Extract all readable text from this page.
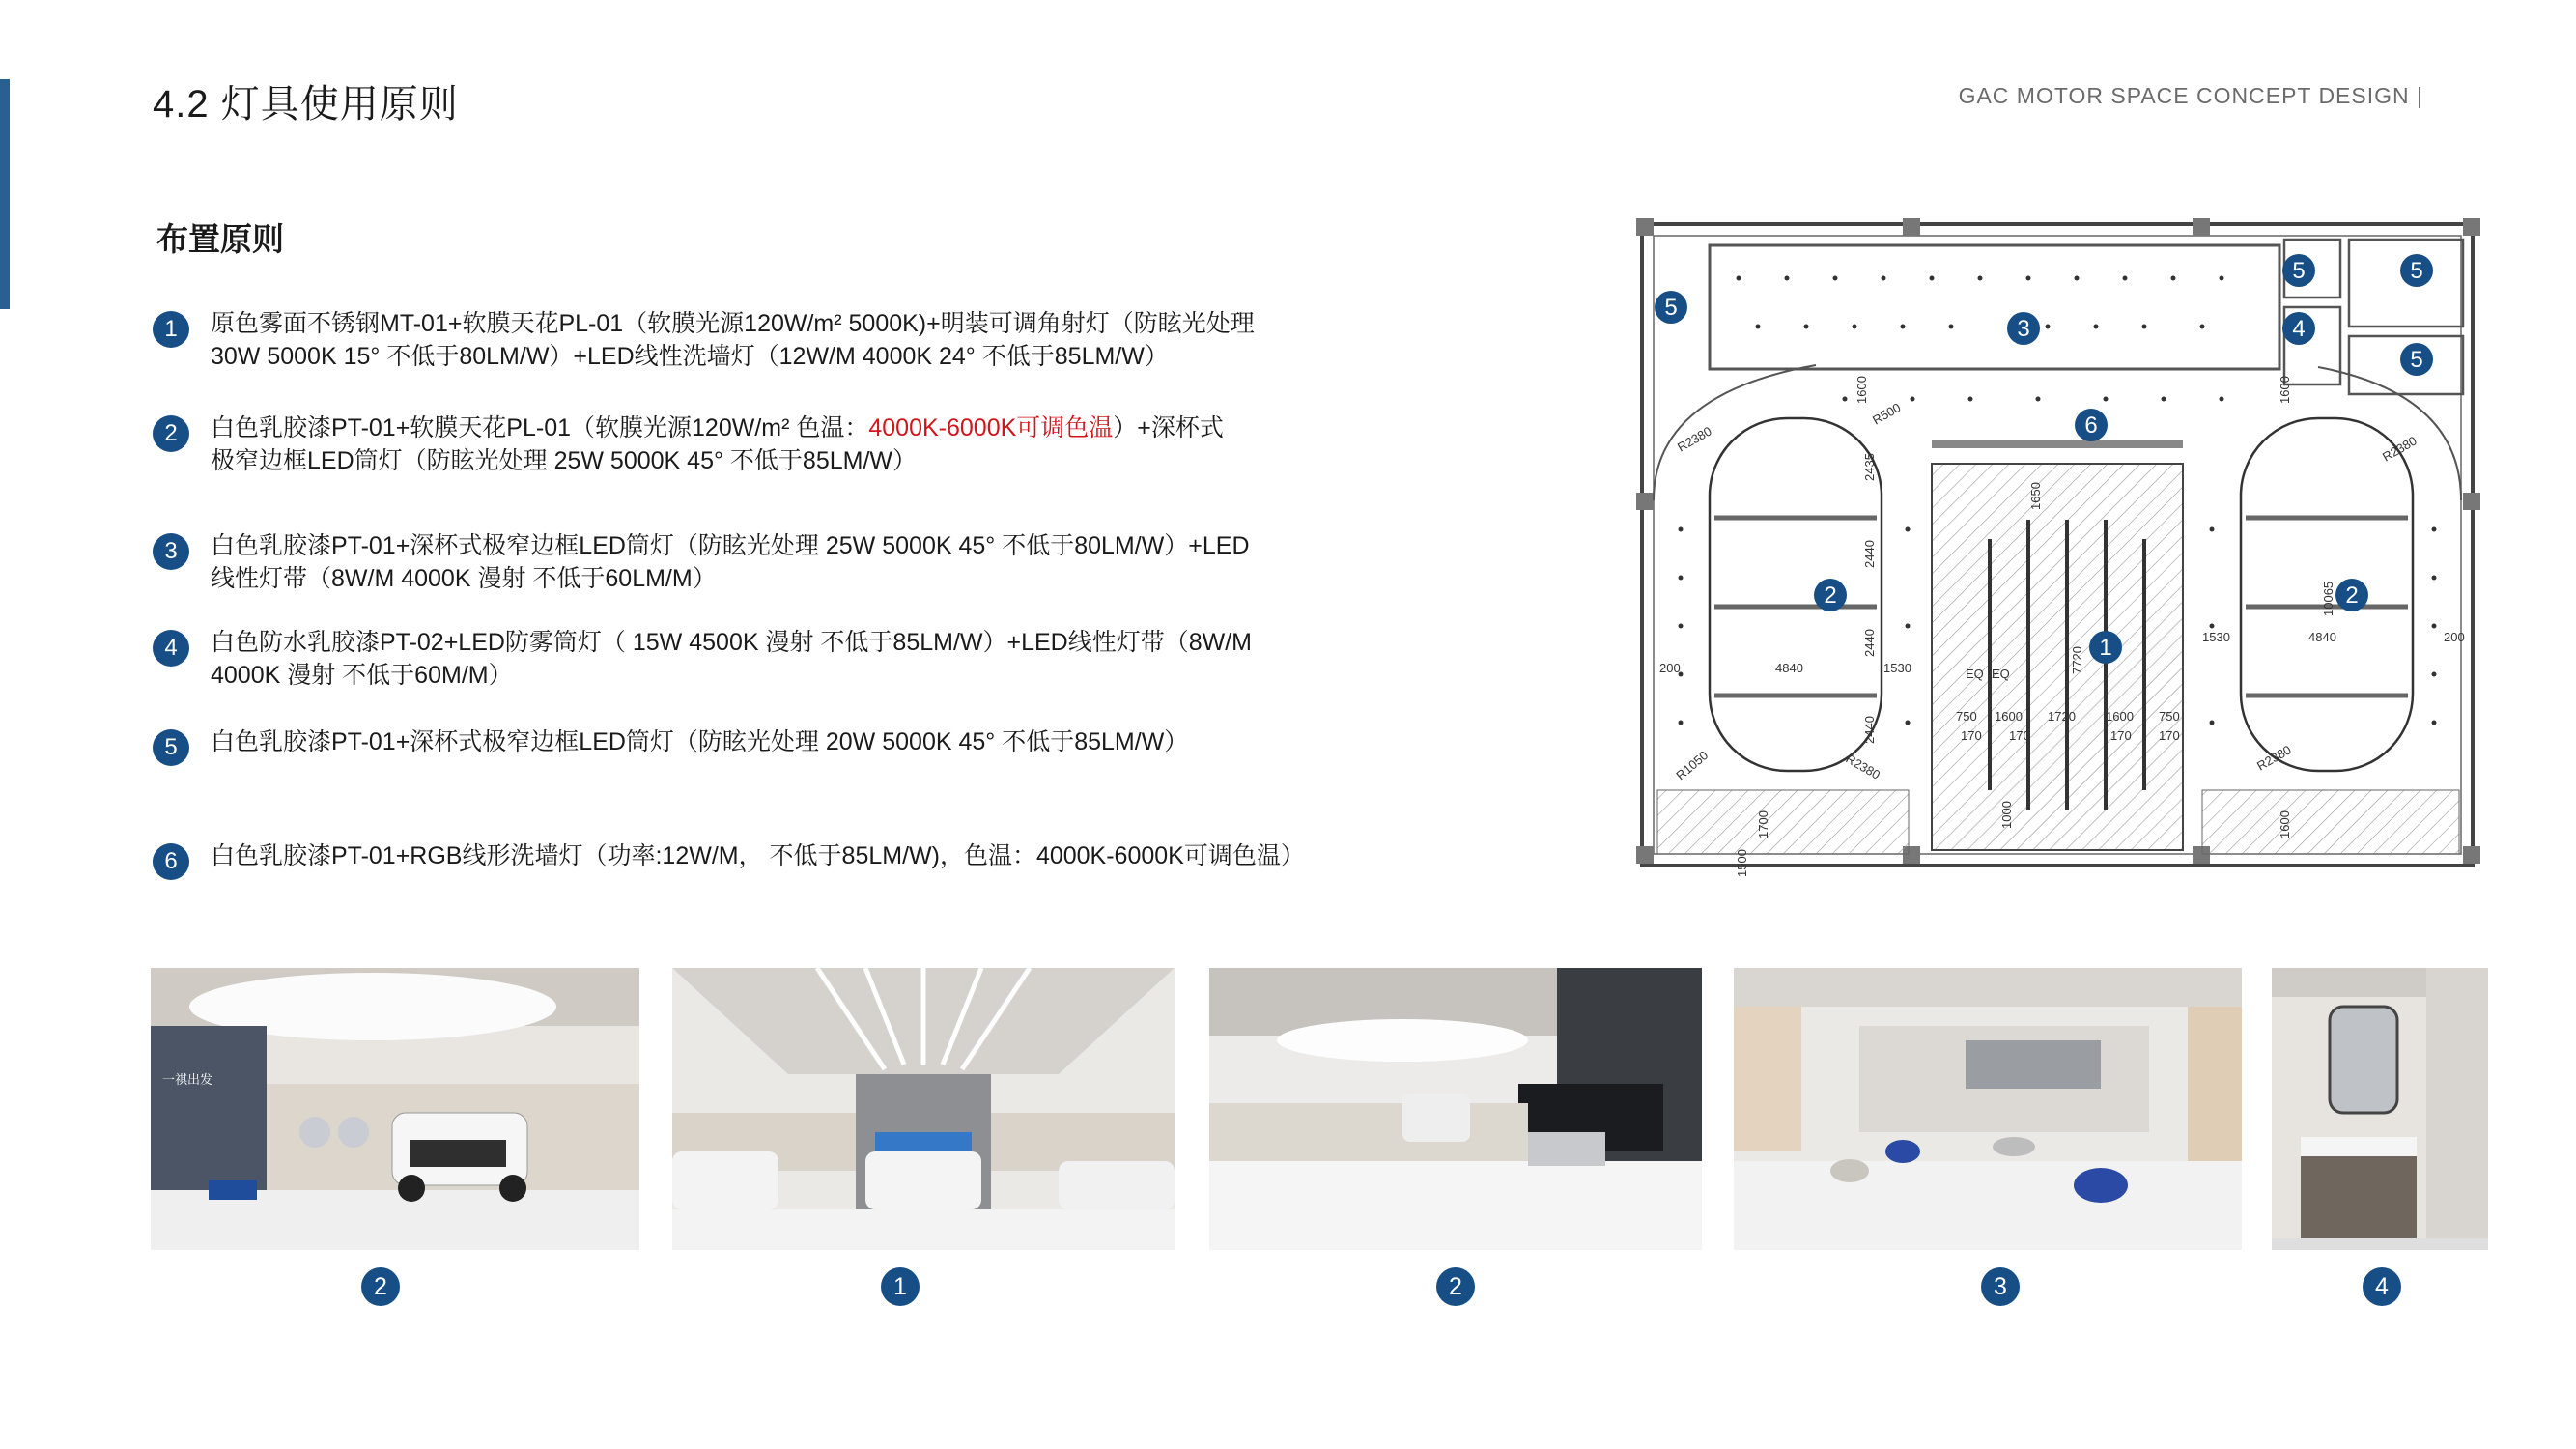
4.2 灯具使用原则	GAC MOTOR SPACE CONCEPT DESIGN |
布置原则
1	原色雾面不锈钢MT-01+软膜天花PL-01（软膜光源120W/m² 5000K)+明装可调角射灯（防眩光处理
30W 5000K 15° 不低于80LM/W）+LED线性洗墙灯（12W/M 4000K 24° 不低于85LM/W）
2	白色乳胶漆PT-01+软膜天花PL-01（软膜光源120W/m² 色温：4000K-6000K可调色温）+深杯式
极窄边框LED筒灯（防眩光处理 25W 5000K 45° 不低于85LM/W）
3	白色乳胶漆PT-01+深杯式极窄边框LED筒灯（防眩光处理 25W 5000K 45° 不低于80LM/W）+LED
线性灯带（8W/M 4000K 漫射 不低于60LM/M）
4	白色防水乳胶漆PT-02+LED防雾筒灯（ 15W 4500K 漫射 不低于85LM/W）+LED线性灯带（8W/M
4000K 漫射 不低于60M/M）
5	白色乳胶漆PT-01+深杯式极窄边框LED筒灯（防眩光处理 20W 5000K 45° 不低于85LM/W）
6	白色乳胶漆PT-01+RGB线形洗墙灯（功率:12W/M， 不低于85LM/W)，色温：4000K-6000K可调色温）
1600
2435
2440
2440
2440
4840
4840
10065
1650
7720
1720
1600	1600
750	750
1530
1530
200
200
170 170	170 170
1600
1600
1700
R2380	R2380
R2380	R2380
R500
R1050
EQ EQ
1000
1500
5	5
5
5
4
3
6
2	2
1
一祺出发
2	1	2	3	4
